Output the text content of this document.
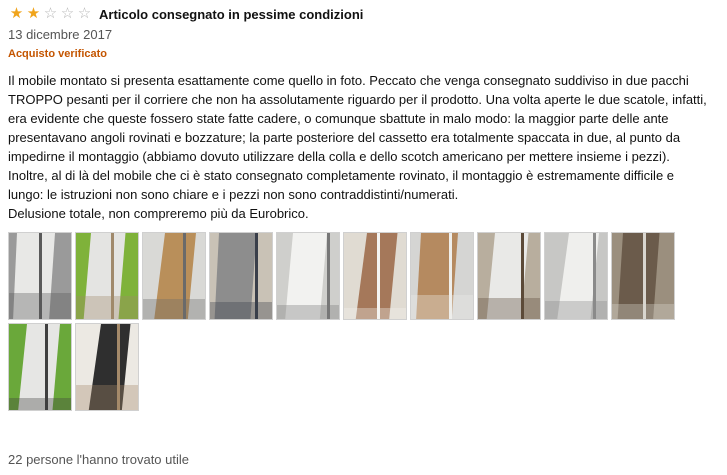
★ ★ ☆ ☆ ☆ Articolo consegnato in pessime condizioni
13 dicembre 2017
Acquisto verificato

Il mobile montato si presenta esattamente come quello in foto. Peccato che venga consegnato suddiviso in due pacchi TROPPO pesanti per il corriere che non ha assolutamente riguardo per il prodotto. Una volta aperte le due scatole, infatti, era evidente che queste fossero state fatte cadere, o comunque sbattute in malo modo: la maggior parte delle ante presentavano angoli rovinati e bozzature; la parte posteriore del cassetto era totalmente spaccata in due, al punto da impedirne il montaggio (abbiamo dovuto utilizzare della colla e dello scotch americano per mettere insieme i pezzi).

Inoltre, al di là del mobile che ci è stato consegnato completamente rovinato, il montaggio è estremamente difficile e lungo: le istruzioni non sono chiare e i pezzi non sono contraddistinti/numerati.

Delusione totale, non compreremo più da Eurobrico.

22 persone l'hanno trovato utile
